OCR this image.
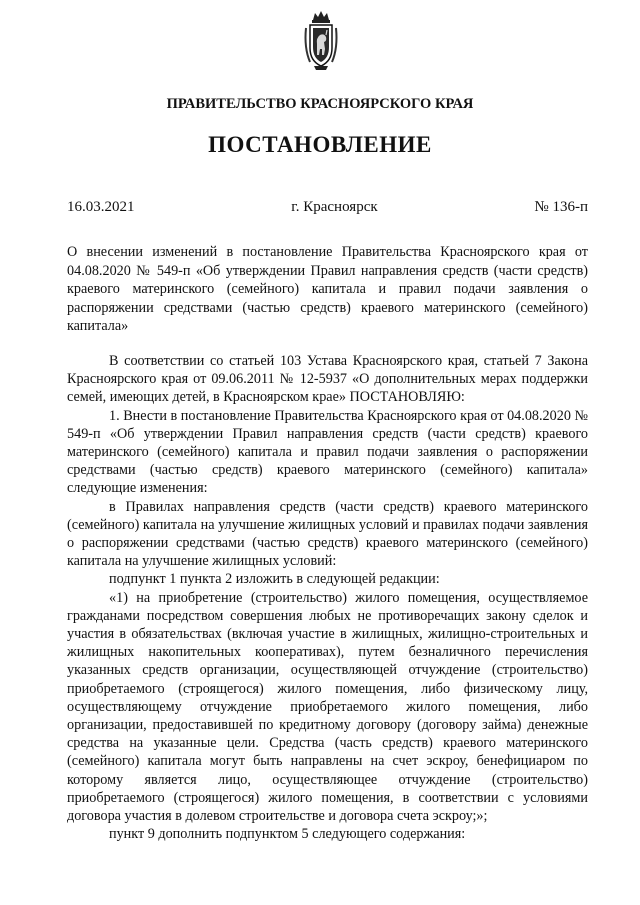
ПРАВИТЕЛЬСТВО КРАСНОЯРСКОГО КРАЯ
ПОСТАНОВЛЕНИЕ
16.03.2021	г. Красноярск	№ 136-п
О внесении изменений в постановление Правительства Красноярского края от 04.08.2020 № 549-п «Об утверждении Правил направления средств (части средств) краевого материнского (семейного) капитала и правил подачи заявления о распоряжении средствами (частью средств) краевого материнского (семейного) капитала»

В соответствии со статьей 103 Устава Красноярского края, статьей 7 Закона Красноярского края от 09.06.2011 № 12-5937 «О дополнительных мерах поддержки семей, имеющих детей, в Красноярском крае» ПОСТАНОВЛЯЮ:

1. Внести в постановление Правительства Красноярского края от 04.08.2020 № 549-п «Об утверждении Правил направления средств (части средств) краевого материнского (семейного) капитала и правил подачи заявления о распоряжении средствами (частью средств) краевого материнского (семейного) капитала» следующие изменения:

в Правилах направления средств (части средств) краевого материнского (семейного) капитала на улучшение жилищных условий и правилах подачи заявления о распоряжении средствами (частью средств) краевого материнского (семейного) капитала на улучшение жилищных условий:

подпункт 1 пункта 2 изложить в следующей редакции:

«1) на приобретение (строительство) жилого помещения, осуществляемое гражданами посредством совершения любых не противоречащих закону сделок и участия в обязательствах (включая участие в жилищных, жилищно-строительных и жилищных накопительных кооперативах), путем безналичного перечисления указанных средств организации, осуществляющей отчуждение (строительство) приобретаемого (строящегося) жилого помещения, либо физическому лицу, осуществляющему отчуждение приобретаемого жилого помещения, либо организации, предоставившей по кредитному договору (договору займа) денежные средства на указанные цели. Средства (часть средств) краевого материнского (семейного) капитала могут быть направлены на счет эскроу, бенефициаром по которому является лицо, осуществляющее отчуждение (строительство) приобретаемого (строящегося) жилого помещения, в соответствии с условиями договора участия в долевом строительстве и договора счета эскроу;»;

пункт 9 дополнить подпунктом 5 следующего содержания:
